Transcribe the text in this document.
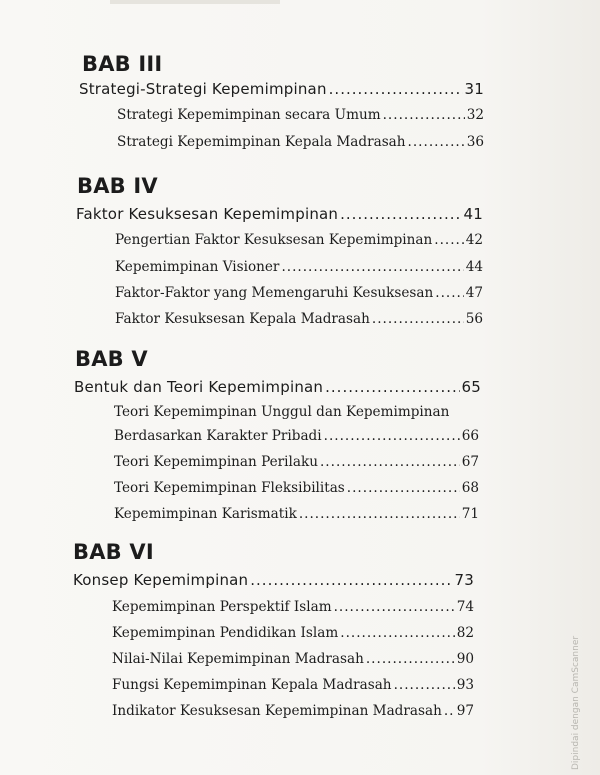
BAB III
Strategi-Strategi Kepemimpinan .....	31
Strategi Kepemimpinan secara Umum .....	32
Strategi Kepemimpinan Kepala Madrasah .....	36
BAB IV
Faktor Kesuksesan Kepemimpinan .....	41
Pengertian Faktor Kesuksesan Kepemimpinan ..... 42
Kepemimpinan Visioner .....	44
Faktor-Faktor yang Memengaruhi Kesuksesan ..... 47
Faktor Kesuksesan Kepala Madrasah .....	56
BAB V
Bentuk dan Teori Kepemimpinan .....	65
Teori Kepemimpinan Unggul dan Kepemimpinan
Berdasarkan Karakter Pribadi .....	66
Teori Kepemimpinan Perilaku .....	67
Teori Kepemimpinan Fleksibilitas .....	68
Kepemimpinan Karismatik .....	71
BAB VI
Konsep Kepemimpinan .....	73
Kepemimpinan Perspektif Islam .....	74
Kepemimpinan Pendidikan Islam .....	82
Nilai-Nilai Kepemimpinan Madrasah .....	90
Fungsi Kepemimpinan Kepala Madrasah .....	93
Indikator Kesuksesan Kepemimpinan Madrasah ..... 97	Dipindai dengan CamScanner
